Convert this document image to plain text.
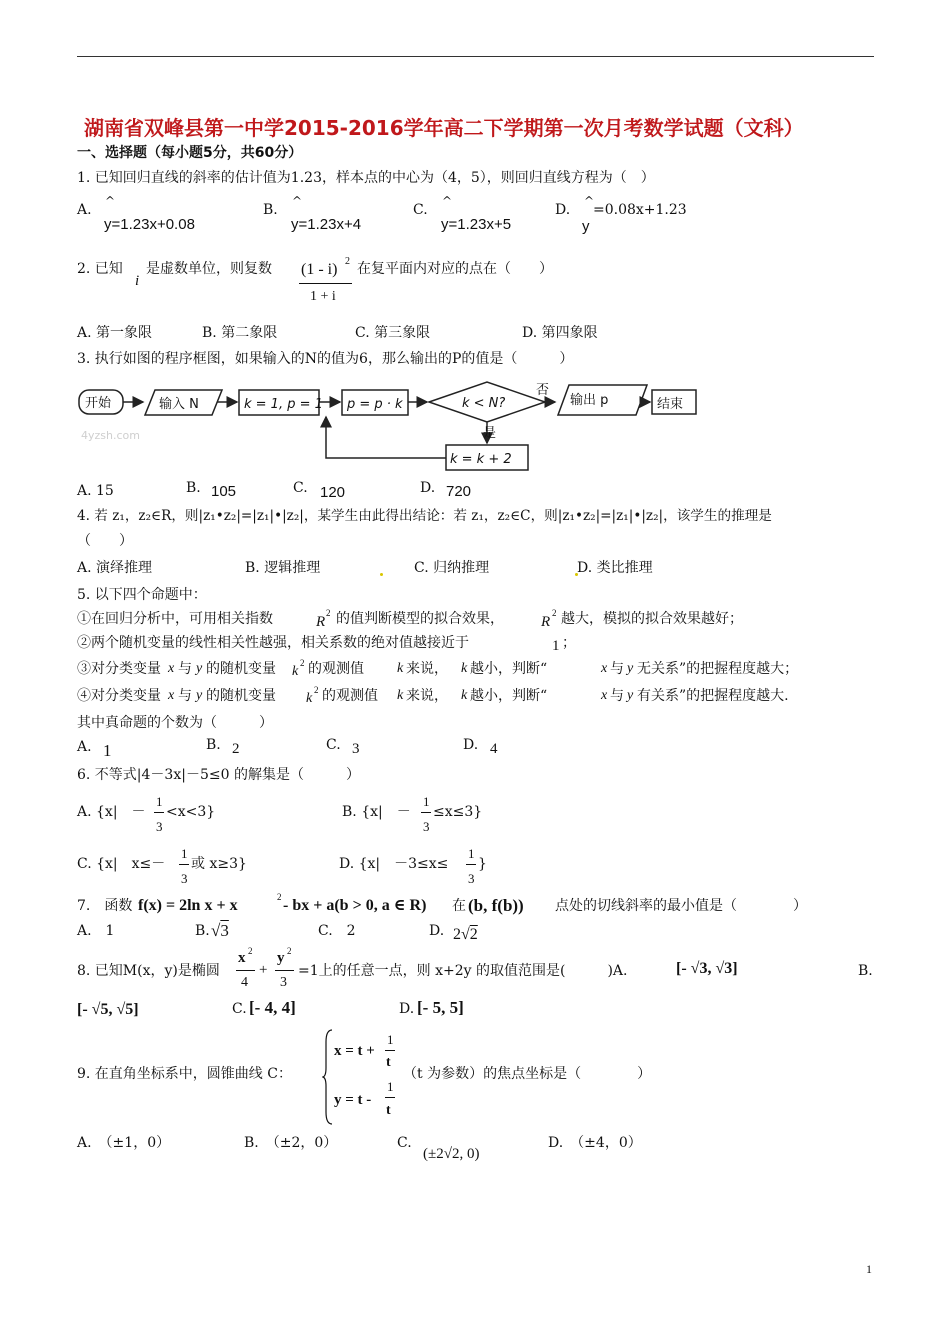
湖南省双峰县第一中学2015-2016学年高二下学期第一次月考数学试题（文科）
一、选择题（每小题5分，共60分）
1. 已知回归直线的斜率的估计值为1.23，样本点的中心为（4，5），则回归直线方程为（　）
A.
^
y=1.23x+0.08
B.
^
y=1.23x+4
C.
^
y=1.23x+5
D.
^
=0.08x+1.23
y
2. 已知
i
是虚数单位，则复数 (1 - i) 2
1 + i
在复平面内对应的点在（　　）
A. 第一象限	B. 第二象限	C. 第三象限	D. 第四象限
3. 执行如图的程序框图，如果输入的N的值为6，那么输出的P的值是（　　　）
开始	输入 N	k = 1, p = 1 p = p · k	k < N?
否
输出 p	结束
是
k = k + 2
4yzsh.com
A. 15	B. 105	C. 120	D. 720
4. 若 z₁，z₂∈R，则|z₁•z₂|=|z₁|•|z₂|，某学生由此得出结论：若 z₁，z₂∈C，则|z₁•z₂|=|z₁|•|z₂|，该学生的推理是
（　　）
A. 演绎推理	B. 逻辑推理	C. 归纳推理	D. 类比推理
5. 以下四个命题中：
①在回归分析中，可用相关指数	R
2 的值判断模型的拟合效果， R
2 越大，模拟的拟合效果越好；
②两个随机变量的线性相关性越强，相关系数的绝对值越接近于	1 ；
③对分类变量 x 与 y 的随机变量 k
2 的观测值 k 来说， k 越小，判断“	x 与 y 无关系”的把握程度越大；
④对分类变量 x 与 y 的随机变量 k
2 的观测值 k 来说， k 越小，判断“	x 与 y 有关系”的把握程度越大.
其中真命题的个数为（　　　）
A. 1	B. 2	C. 3	D. 4
6. 不等式|4－3x|－5≤0 的解集是（　　　）
A. {x|　－
1
3
<x<3}	B. {x|　－
1
3
≤x≤3}
C. {x|　x≤－
1
3
或 x≥3}	D. {x|　－3≤x≤
1
3
}
7.　函数 f(x) = 2ln x + x	2 - bx + a(b > 0, a ∈ R) 在 (b, f(b)) 点处的切线斜率的最小值是（　　　　）
A.　1	B. √3	C.　2	D. 2√2
8. 已知M(x，y)是椭圆
x 2
4
+
y 2
3
=1上的任意一点，则 x+2y 的取值范围是(　　　)A.	[- √3, √3]	B.
[- √5, √5]	C. [- 4, 4]	D. [- 5, 5]
9. 在直角坐标系中，圆锥曲线 C：
x = t +
1
t
y = t -
1
t
（t 为参数）的焦点坐标是（　　　　）
A.　（±1，0）	B.　（±2，0）	C.
(±2√2, 0)
D.　（±4，0）
1
